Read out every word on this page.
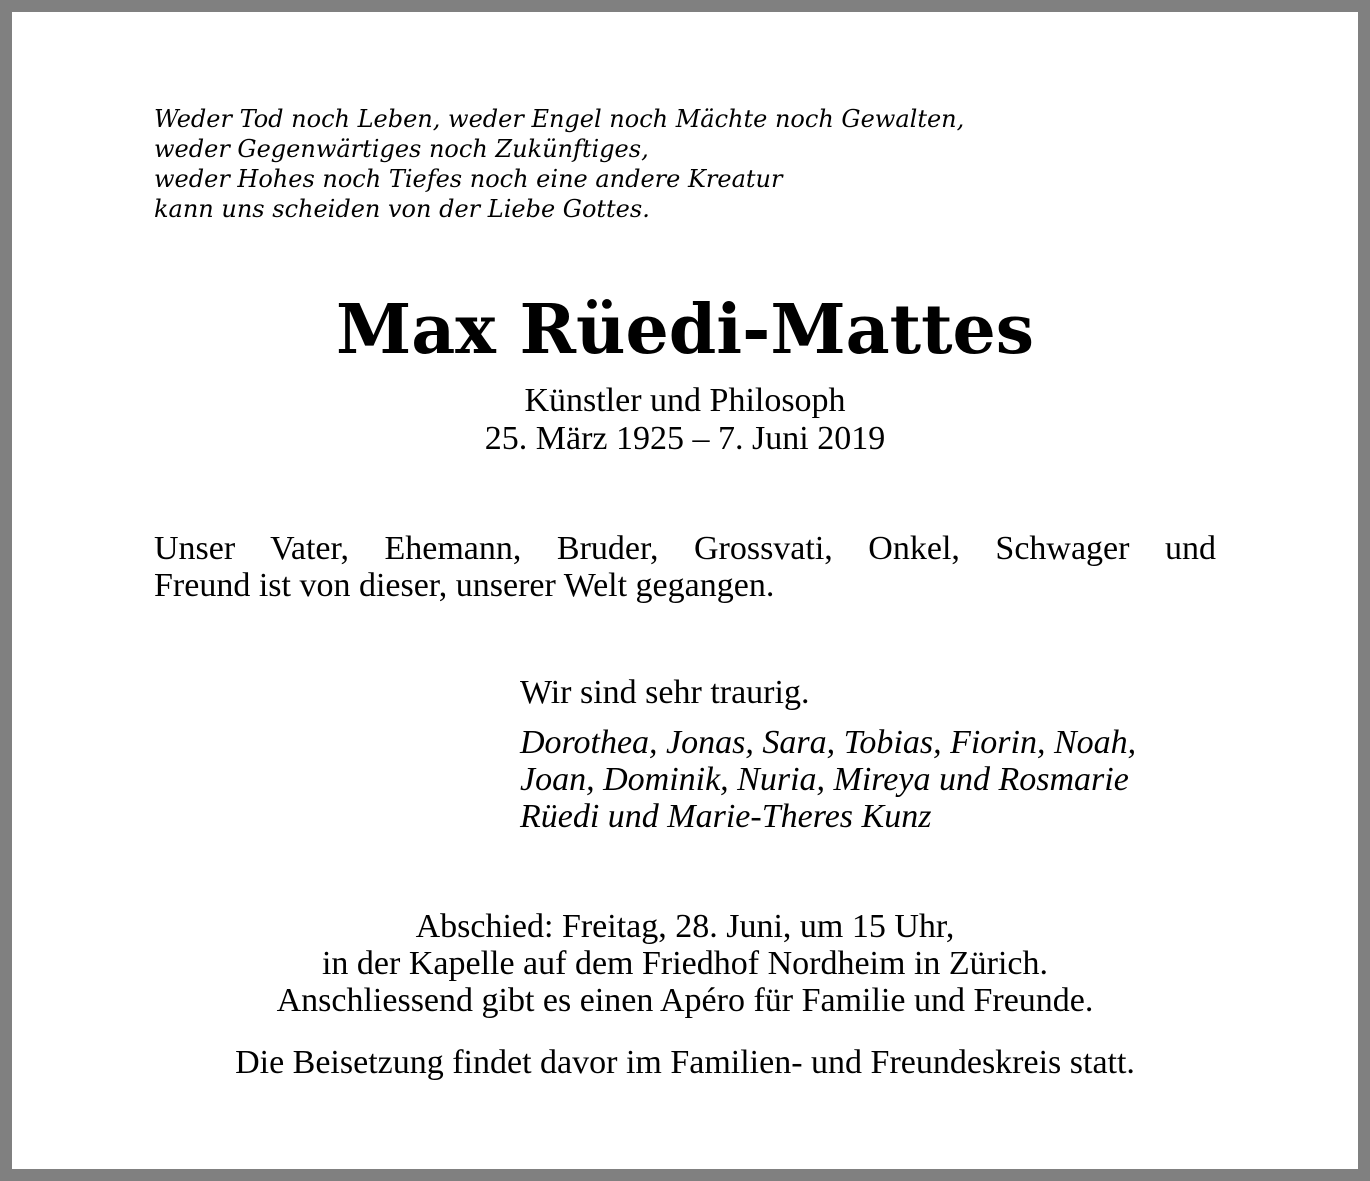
Weder Tod noch Leben, weder Engel noch Mächte noch Gewalten,
weder Gegenwärtiges noch Zukünftiges,
weder Hohes noch Tiefes noch eine andere Kreatur
kann uns scheiden von der Liebe Gottes.
Max Rüedi-Mattes
Künstler und Philosoph
25. März 1925 – 7. Juni 2019
Unser Vater, Ehemann, Bruder, Grossvati, Onkel, Schwager und
Freund ist von dieser, unserer Welt gegangen.
Wir sind sehr traurig.
Dorothea, Jonas, Sara, Tobias, Fiorin, Noah,
Joan, Dominik, Nuria, Mireya und Rosmarie
Rüedi und Marie-Theres Kunz
Abschied: Freitag, 28. Juni, um 15 Uhr,
in der Kapelle auf dem Friedhof Nordheim in Zürich.
Anschliessend gibt es einen Apéro für Familie und Freunde.
Die Beisetzung findet davor im Familien- und Freundeskreis statt.
